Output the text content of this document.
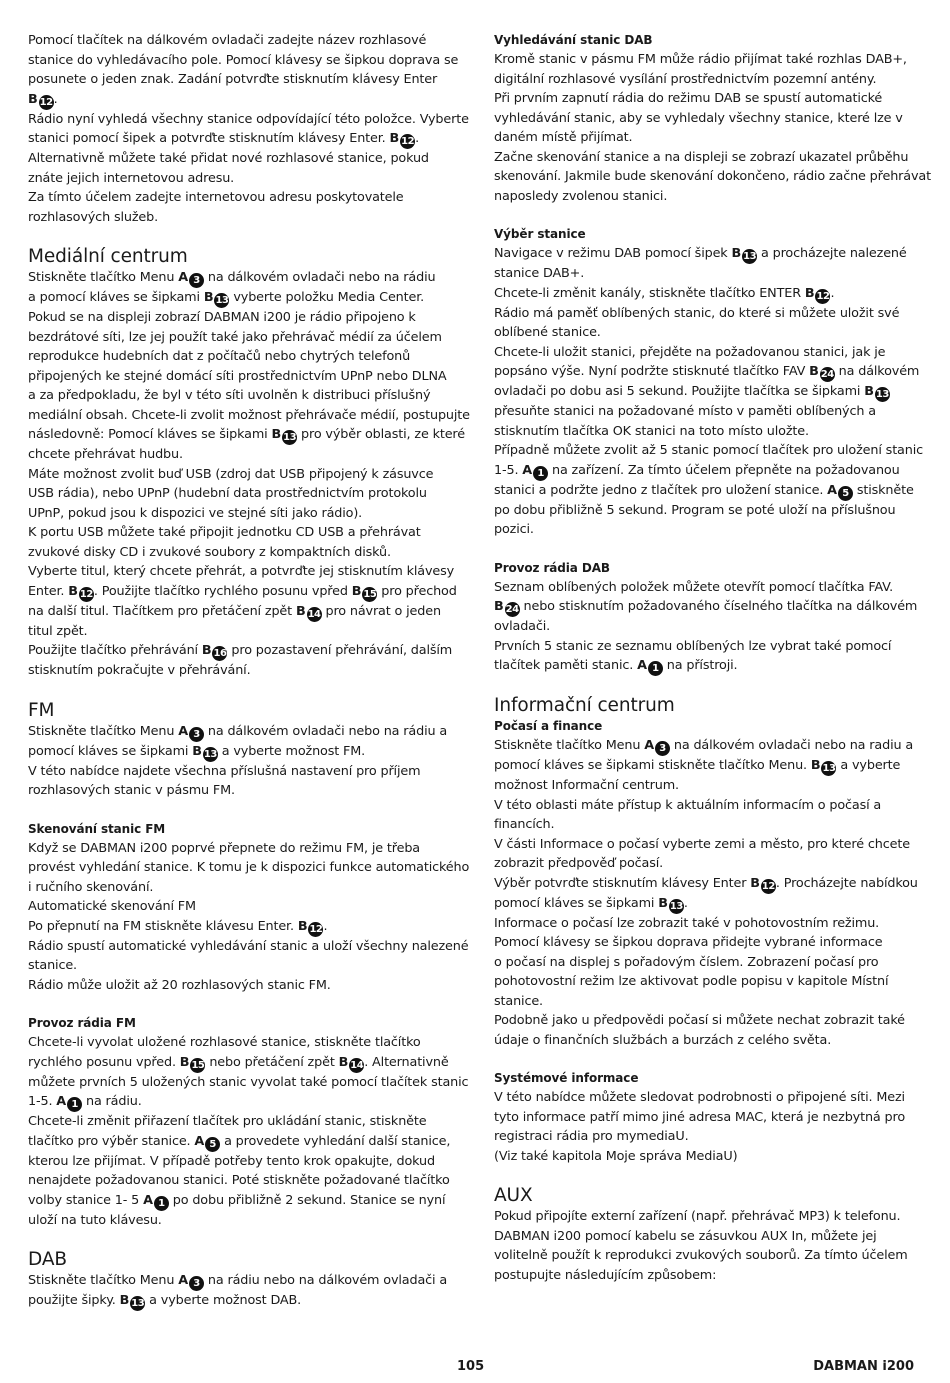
Pomocí tlačítek na dálkovém ovladači zadejte název rozhlasové
stanice do vyhledávacího pole. Pomocí klávesy se šipkou doprava se
posunete o jeden znak. Zadání potvrďte stisknutím klávesy Enter
B 12.
Rádio nyní vyhledá všechny stanice odpovídající této položce. Vyberte
stanici pomocí šipek a potvrďte stisknutím klávesy Enter. B 12.
Alternativně můžete také přidat nové rozhlasové stanice, pokud
znáte jejich internetovou adresu.
Za tímto účelem zadejte internetovou adresu poskytovatele
rozhlasových služeb.
Mediální centrum
Stiskněte tlačítko Menu A 3 na dálkovém ovladači nebo na rádiu
a pomocí kláves se šipkami B 13 vyberte položku Media Center.
Pokud se na displeji zobrazí DABMAN i200 je rádio připojeno k
bezdrátové síti, lze jej použít také jako přehrávač médií za účelem
reprodukce hudebních dat z počítačů nebo chytrých telefonů
připojených ke stejné domácí síti prostřednictvím UPnP nebo DLNA
a za předpokladu, že byl v této síti uvolněn k distribuci příslušný
mediální obsah. Chcete-li zvolit možnost přehrávače médií, postupujte
následovně: Pomocí kláves se šipkami B 13 pro výběr oblasti, ze které
chcete přehrávat hudbu.
Máte možnost zvolit buď USB (zdroj dat USB připojený k zásuvce
USB rádia), nebo UPnP (hudební data prostřednictvím protokolu
UPnP, pokud jsou k dispozici ve stejné síti jako rádio).
K portu USB můžete také připojit jednotku CD USB a přehrávat
zvukové disky CD i zvukové soubory z kompaktních disků.
Vyberte titul, který chcete přehrát, a potvrďte jej stisknutím klávesy
Enter. B 12. Použijte tlačítko rychlého posunu vpřed B 15 pro přechod
na další titul. Tlačítkem pro přetáčení zpět B 14 pro návrat o jeden
titul zpět.
Použijte tlačítko přehrávání B 16 pro pozastavení přehrávání, dalším
stisknutím pokračujte v přehrávání.
FM
Stiskněte tlačítko Menu A 3 na dálkovém ovladači nebo na rádiu a
pomocí kláves se šipkami B 13 a vyberte možnost FM.
V této nabídce najdete všechna příslušná nastavení pro příjem
rozhlasových stanic v pásmu FM.
Skenování stanic FM
Když se DABMAN i200 poprvé přepnete do režimu FM, je třeba
provést vyhledání stanice. K tomu je k dispozici funkce automatického
i ručního skenování.
Automatické skenování FM
Po přepnutí na FM stiskněte klávesu Enter. B 12.
Rádio spustí automatické vyhledávání stanic a uloží všechny nalezené
stanice.
Rádio může uložit až 20 rozhlasových stanic FM.
Provoz rádia FM
Chcete-li vyvolat uložené rozhlasové stanice, stiskněte tlačítko
rychlého posunu vpřed. B 15 nebo přetáčení zpět B 14. Alternativně
můžete prvních 5 uložených stanic vyvolat také pomocí tlačítek stanic
1-5. A 1 na rádiu.
Chcete-li změnit přiřazení tlačítek pro ukládání stanic, stiskněte
tlačítko pro výběr stanice. A 5 a provedete vyhledání další stanice,
kterou lze přijímat. V případě potřeby tento krok opakujte, dokud
nenajdete požadovanou stanici. Poté stiskněte požadované tlačítko
volby stanice 1- 5 A 1 po dobu přibližně 2 sekund. Stanice se nyní
uloží na tuto klávesu.
DAB
Stiskněte tlačítko Menu A 3 na rádiu nebo na dálkovém ovladači a
použijte šipky. B 13 a vyberte možnost DAB.
Vyhledávání stanic DAB
Kromě stanic v pásmu FM může rádio přijímat také rozhlas DAB+,
digitální rozhlasové vysílání prostřednictvím pozemní antény.
Při prvním zapnutí rádia do režimu DAB se spustí automatické
vyhledávání stanic, aby se vyhledaly všechny stanice, které lze v
daném místě přijímat.
Začne skenování stanice a na displeji se zobrazí ukazatel průběhu
skenování. Jakmile bude skenování dokončeno, rádio začne přehrávat
naposledy zvolenou stanici.
Výběr stanice
Navigace v režimu DAB pomocí šipek B 13 a procházejte nalezené
stanice DAB+.
Chcete-li změnit kanály, stiskněte tlačítko ENTER B 12.
Rádio má paměť oblíbených stanic, do které si můžete uložit své
oblíbené stanice.
Chcete-li uložit stanici, přejděte na požadovanou stanici, jak je
popsáno výše. Nyní podržte stisknuté tlačítko FAV B 24 na dálkovém
ovladači po dobu asi 5 sekund. Použijte tlačítka se šipkami B 13
přesuňte stanici na požadované místo v paměti oblíbených a
stisknutím tlačítka OK stanici na toto místo uložte.
Případně můžete zvolit až 5 stanic pomocí tlačítek pro uložení stanic
1-5. A 1 na zařízení. Za tímto účelem přepněte na požadovanou
stanici a podržte jedno z tlačítek pro uložení stanice. A 5 stiskněte
po dobu přibližně 5 sekund. Program se poté uloží na příslušnou
pozici.
Provoz rádia DAB
Seznam oblíbených položek můžete otevřít pomocí tlačítka FAV.
B 24 nebo stisknutím požadovaného číselného tlačítka na dálkovém
ovladači.
Prvních 5 stanic ze seznamu oblíbených lze vybrat také pomocí
tlačítek paměti stanic. A 1 na přístroji.
Informační centrum
Počasí a finance
Stiskněte tlačítko Menu A 3 na dálkovém ovladači nebo na radiu a
pomocí kláves se šipkami stiskněte tlačítko Menu. B 13 a vyberte
možnost Informační centrum.
V této oblasti máte přístup k aktuálním informacím o počasí a
financích.
V části Informace o počasí vyberte zemi a město, pro které chcete
zobrazit předpověď počasí.
Výběr potvrďte stisknutím klávesy Enter B 12. Procházejte nabídkou
pomocí kláves se šipkami B 13.
Informace o počasí lze zobrazit také v pohotovostním režimu.
Pomocí klávesy se šipkou doprava přidejte vybrané informace
o počasí na displej s pořadovým číslem. Zobrazení počasí pro
pohotovostní režim lze aktivovat podle popisu v kapitole Místní
stanice.
Podobně jako u předpovědi počasí si můžete nechat zobrazit také
údaje o finančních službách a burzách z celého světa.
Systémové informace
V této nabídce můžete sledovat podrobnosti o připojené síti. Mezi
tyto informace patří mimo jiné adresa MAC, která je nezbytná pro
registraci rádia pro mymediaU.
(Viz také kapitola Moje správa MediaU)
AUX
Pokud připojíte externí zařízení (např. přehrávač MP3) k telefonu.
DABMAN i200 pomocí kabelu se zásuvkou AUX In, můžete jej
volitelně použít k reprodukci zvukových souborů. Za tímto účelem
postupujte následujícím způsobem:
105	DABMAN i200
